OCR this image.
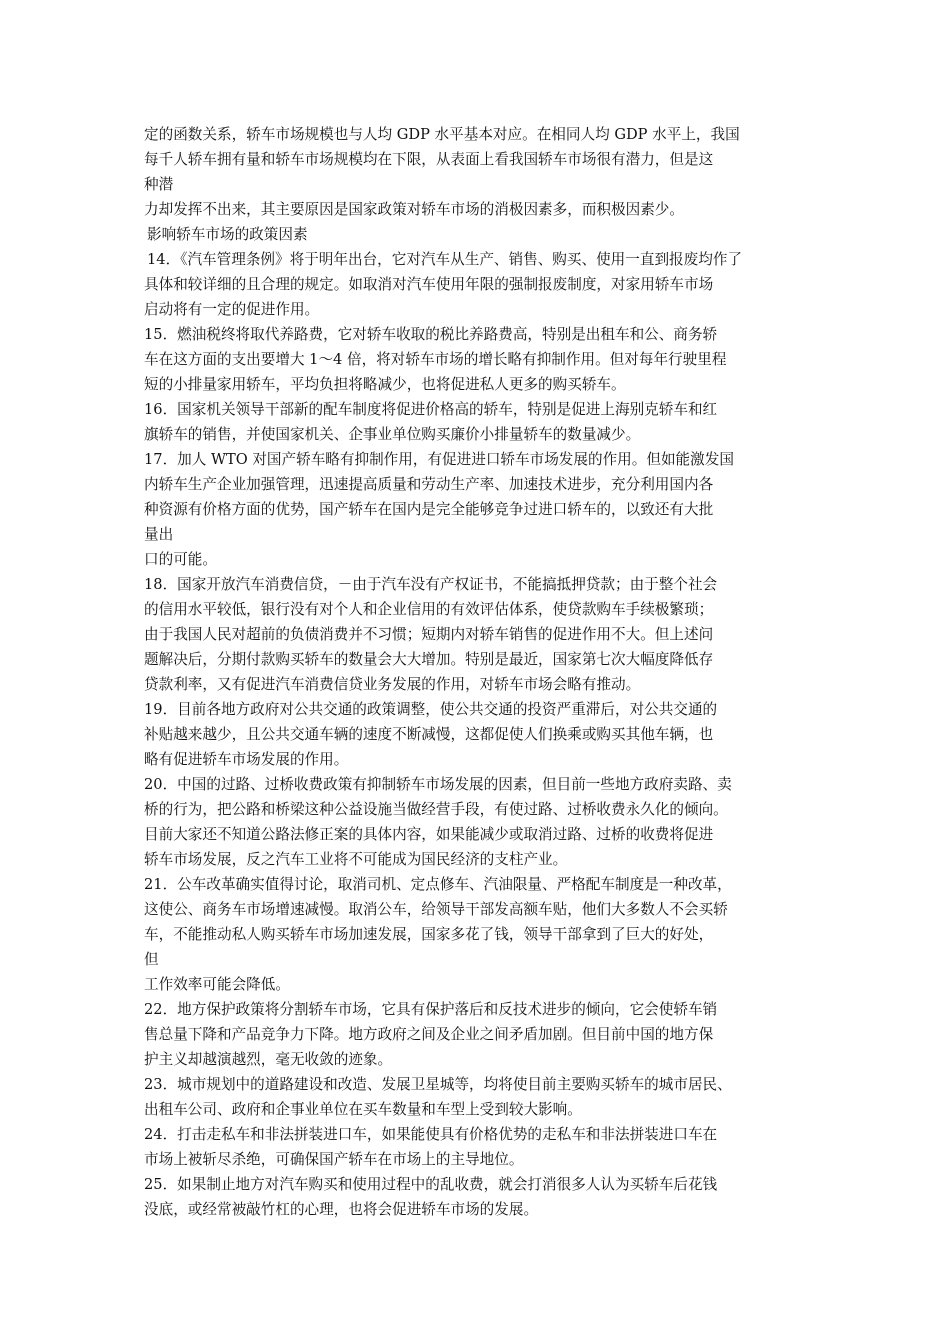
定的函数关系，轿车市场规模也与人均 GDP 水平基本对应。在相同人均 GDP 水平上，我国
每千人轿车拥有量和轿车市场规模均在下限，从表面上看我国轿车市场很有潜力，但是这
种潜
力却发挥不出来，其主要原因是国家政策对轿车市场的消极因素多，而积极因素少。
影响轿车市场的政策因素
14．《汽车管理条例》将于明年出台，它对汽车从生产、销售、购买、使用一直到报废均作了
具体和较详细的且合理的规定。如取消对汽车使用年限的强制报废制度，对家用轿车市场
启动将有一定的促进作用。
15．燃油税终将取代养路费，它对轿车收取的税比养路费高，特别是出租车和公、商务轿
车在这方面的支出要增大 1～4 倍，将对轿车市场的增长略有抑制作用。但对每年行驶里程
短的小排量家用轿车，平均负担将略减少，也将促进私人更多的购买轿车。
16．国家机关领导干部新的配车制度将促进价格高的轿车，特别是促进上海别克轿车和红
旗轿车的销售，并使国家机关、企事业单位购买廉价小排量轿车的数量减少。
17．加人 WTO 对国产轿车略有抑制作用，有促进进口轿车市场发展的作用。但如能激发国
内轿车生产企业加强管理，迅速提高质量和劳动生产率、加速技术进步，充分利用国内各
种资源有价格方面的优势，国产轿车在国内是完全能够竞争过进口轿车的，以致还有大批
量出
口的可能。
18．国家开放汽车消费信贷，－由于汽车没有产权证书，不能搞抵押贷款；由于整个社会
的信用水平较低，银行没有对个人和企业信用的有效评估体系，使贷款购车手续极繁琐；
由于我国人民对超前的负债消费并不习惯；短期内对轿车销售的促进作用不大。但上述问
题解决后，分期付款购买轿车的数量会大大增加。特别是最近，国家第七次大幅度降低存
贷款利率，又有促进汽车消费信贷业务发展的作用，对轿车市场会略有推动。
19．目前各地方政府对公共交通的政策调整，使公共交通的投资严重滞后，对公共交通的
补贴越来越少，且公共交通车辆的速度不断减慢，这都促使人们换乘或购买其他车辆，也
略有促进轿车市场发展的作用。
20．中国的过路、过桥收费政策有抑制轿车市场发展的因素，但目前一些地方政府卖路、卖
桥的行为，把公路和桥梁这种公益设施当做经营手段，有使过路、过桥收费永久化的倾向。
目前大家还不知道公路法修正案的具体内容，如果能减少或取消过路、过桥的收费将促进
轿车市场发展，反之汽车工业将不可能成为国民经济的支柱产业。
21．公车改革确实值得讨论，取消司机、定点修车、汽油限量、严格配车制度是一种改革，
这使公、商务车市场增速减慢。取消公车，给领导干部发高额车贴，他们大多数人不会买轿
车，不能推动私人购买轿车市场加速发展，国家多花了钱，领导干部拿到了巨大的好处，
但
工作效率可能会降低。
22．地方保护政策将分割轿车市场，它具有保护落后和反技术进步的倾向，它会使轿车销
售总量下降和产品竞争力下降。地方政府之间及企业之间矛盾加剧。但目前中国的地方保
护主义却越演越烈，毫无收敛的迹象。
23．城市规划中的道路建设和改造、发展卫星城等，均将使目前主要购买轿车的城市居民、
出租车公司、政府和企事业单位在买车数量和车型上受到较大影响。
24．打击走私车和非法拼装进口车，如果能使具有价格优势的走私车和非法拼装进口车在
市场上被斩尽杀绝，可确保国产轿车在市场上的主导地位。
25．如果制止地方对汽车购买和使用过程中的乱收费，就会打消很多人认为买轿车后花钱
没底，或经常被敲竹杠的心理，也将会促进轿车市场的发展。
